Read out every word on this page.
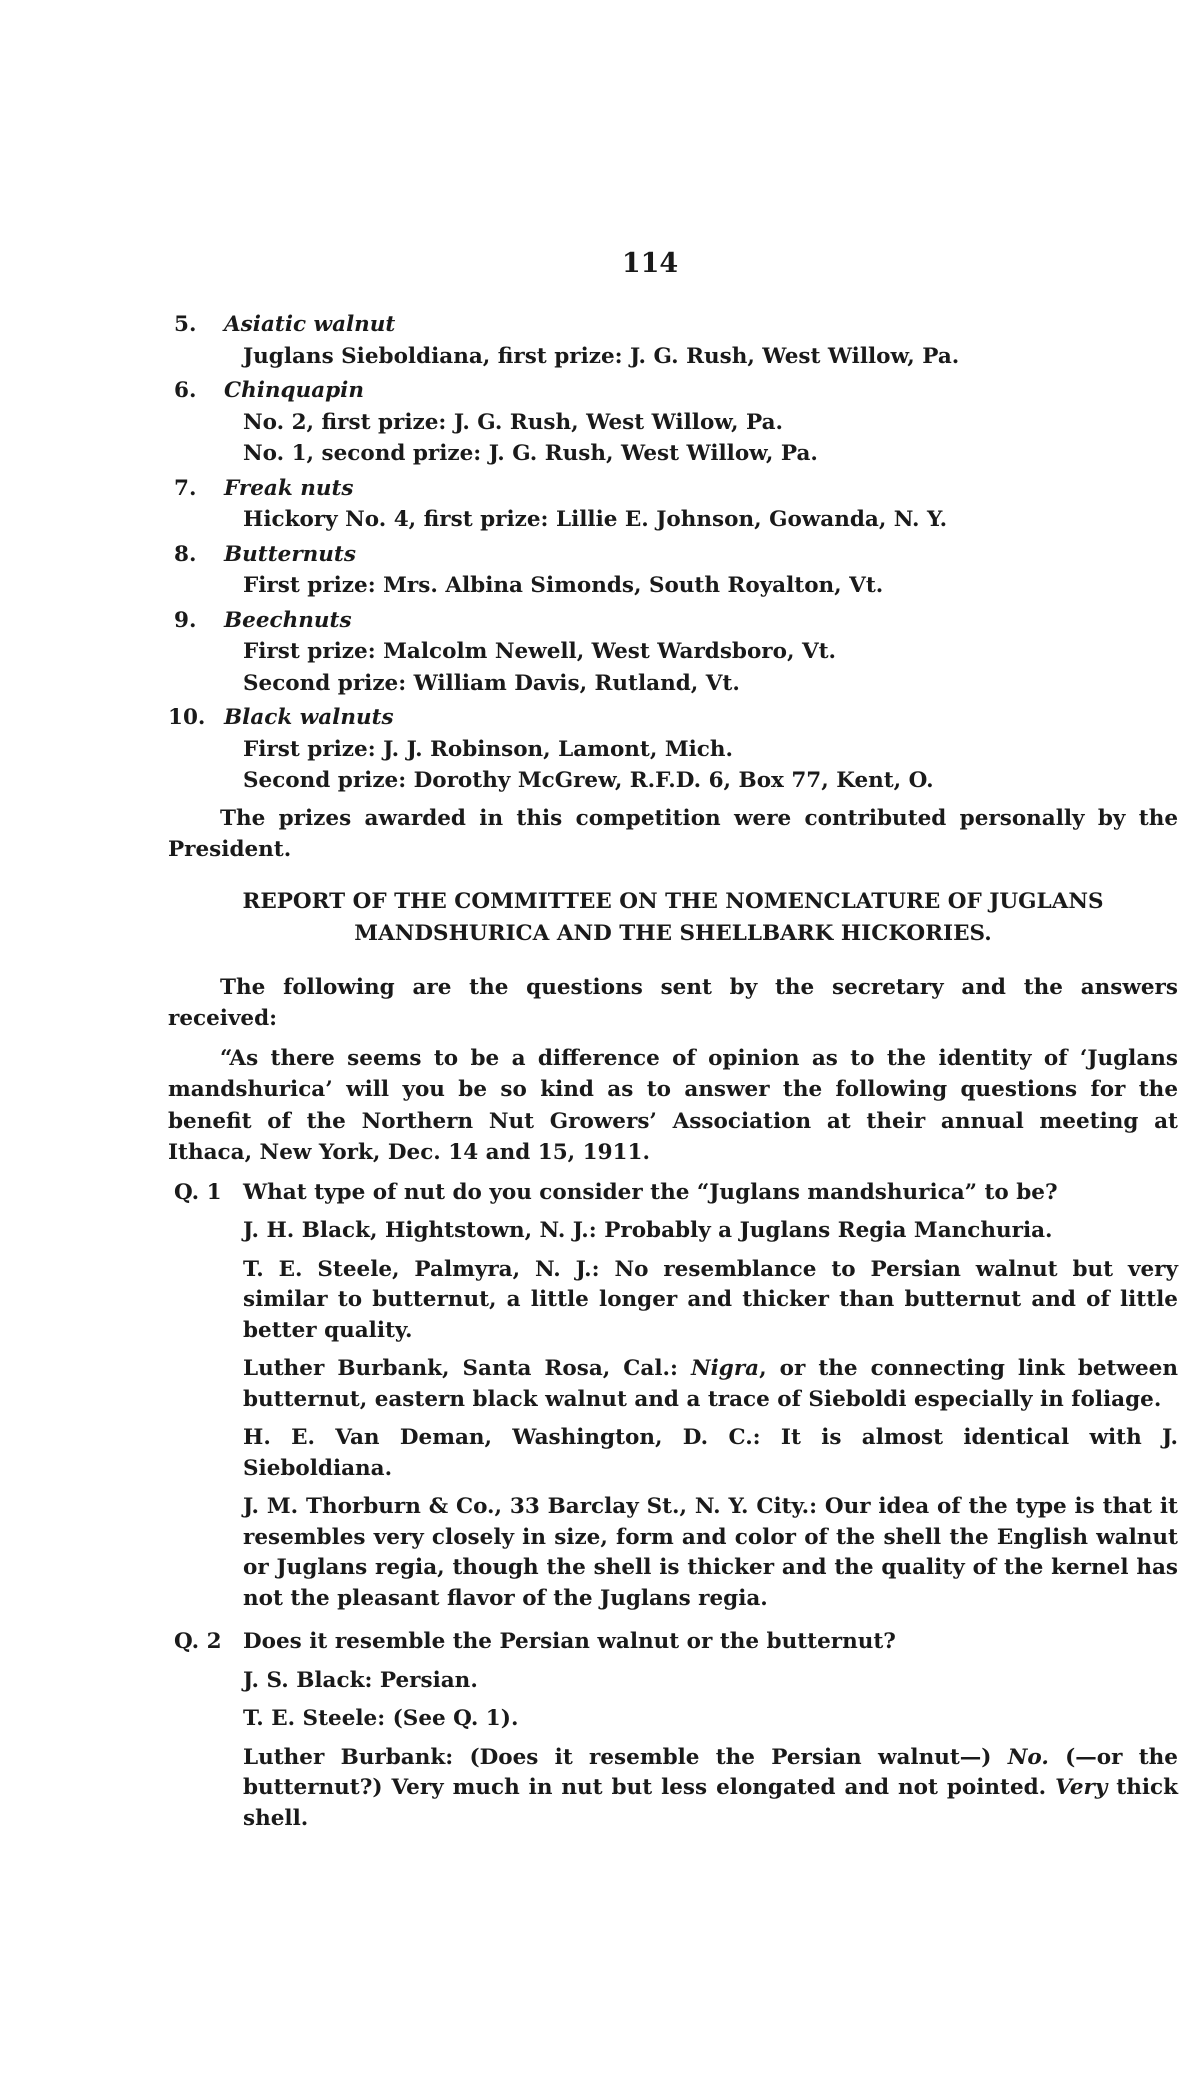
114
5. Asiatic walnut
Juglans Sieboldiana, first prize: J. G. Rush, West Willow, Pa.
6. Chinquapin
No. 2, first prize: J. G. Rush, West Willow, Pa.
No. 1, second prize: J. G. Rush, West Willow, Pa.
7. Freak nuts
Hickory No. 4, first prize: Lillie E. Johnson, Gowanda, N. Y.
8. Butternuts
First prize: Mrs. Albina Simonds, South Royalton, Vt.
9. Beechnuts
First prize: Malcolm Newell, West Wardsboro, Vt.
Second prize: William Davis, Rutland, Vt.
10. Black walnuts
First prize: J. J. Robinson, Lamont, Mich.
Second prize: Dorothy McGrew, R.F.D. 6, Box 77, Kent, O.

The prizes awarded in this competition were contributed personally by the President.

REPORT OF THE COMMITTEE ON THE NOMENCLATURE OF JUGLANS
MANDSHURICA AND THE SHELLBARK HICKORIES.

The following are the questions sent by the secretary and the answers received:

“As there seems to be a difference of opinion as to the identity of ‘Juglans mandshurica’ will you be so kind as to answer the following questions for the benefit of the Northern Nut Growers’ Association at their annual meeting at Ithaca, New York, Dec. 14 and 15, 1911.

Q. 1 What type of nut do you consider the “Juglans mandshurica” to be?
J. H. Black, Hightstown, N. J.: Probably a Juglans Regia Manchuria.
T. E. Steele, Palmyra, N. J.: No resemblance to Persian walnut but very similar to butternut, a little longer and thicker than butternut and of little better quality.
Luther Burbank, Santa Rosa, Cal.: Nigra, or the connecting link between butternut, eastern black walnut and a trace of Sieboldi especially in foliage.
H. E. Van Deman, Washington, D. C.: It is almost identical with J. Sieboldiana.
J. M. Thorburn & Co., 33 Barclay St., N. Y. City.: Our idea of the type is that it resembles very closely in size, form and color of the shell the English walnut or Juglans regia, though the shell is thicker and the quality of the kernel has not the pleasant flavor of the Juglans regia.
Q. 2 Does it resemble the Persian walnut or the butternut?
J. S. Black: Persian.
T. E. Steele: (See Q. 1).
Luther Burbank: (Does it resemble the Persian walnut—) No. (—or the butternut?) Very much in nut but less elongated and not pointed. Very thick shell.
